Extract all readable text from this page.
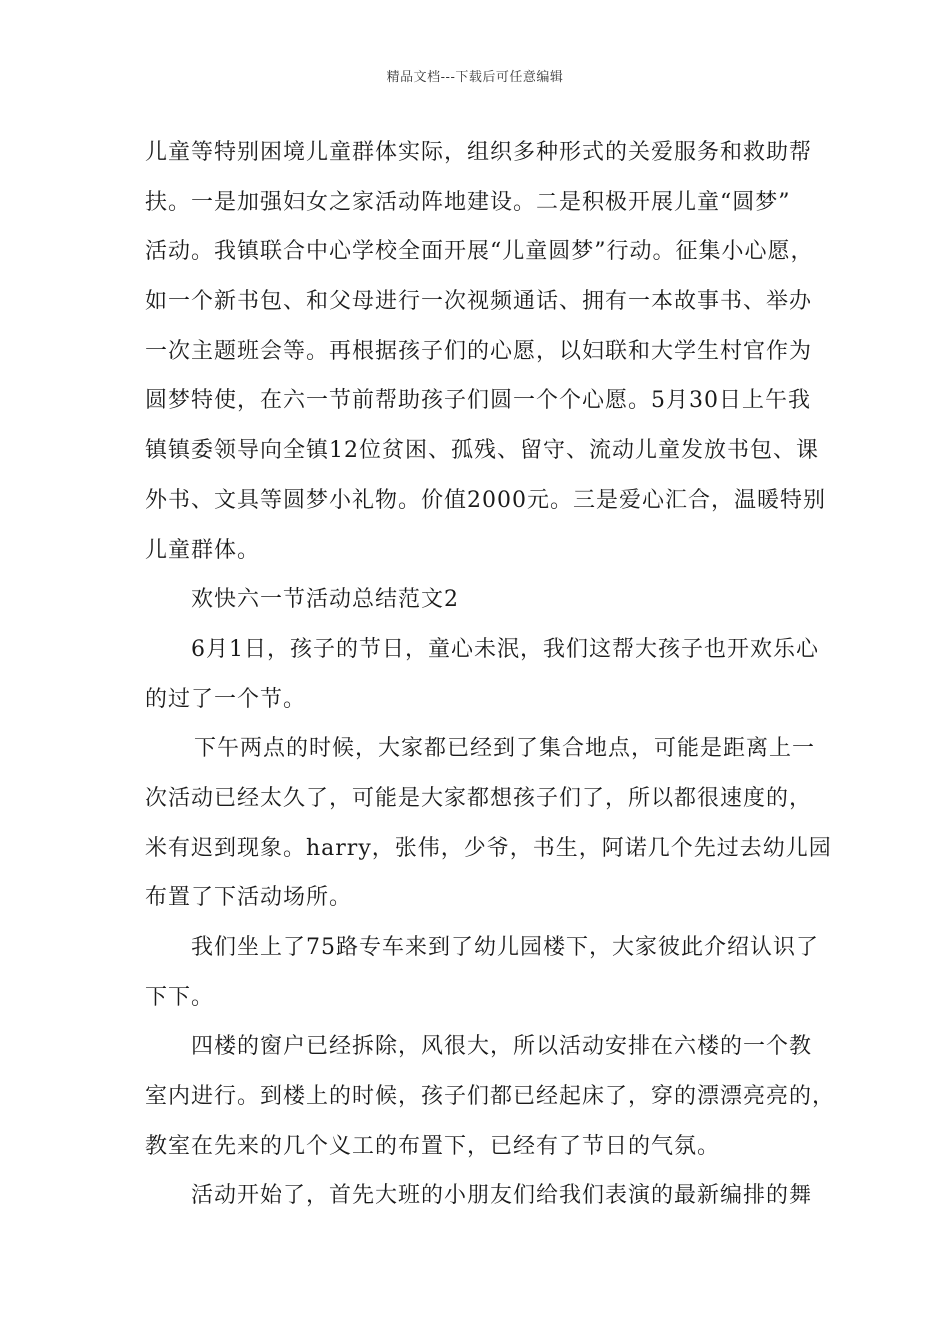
精品文档---下载后可任意编辑
儿童等特别困境儿童群体实际，组织多种形式的关爱服务和救助帮
扶。一是加强妇女之家活动阵地建设。二是积极开展儿童“圆梦”
活动。我镇联合中心学校全面开展“儿童圆梦”行动。征集小心愿，
如一个新书包、和父母进行一次视频通话、拥有一本故事书、举办
一次主题班会等。再根据孩子们的心愿，以妇联和大学生村官作为
圆梦特使，在六一节前帮助孩子们圆一个个心愿。5月30日上午我
镇镇委领导向全镇12位贫困、孤残、留守、流动儿童发放书包、课
外书、文具等圆梦小礼物。价值2000元。三是爱心汇合，温暖特别
儿童群体。
欢快六一节活动总结范文2
6月1日，孩子的节日，童心未泯，我们这帮大孩子也开欢乐心
的过了一个节。
下午两点的时候，大家都已经到了集合地点，可能是距离上一
次活动已经太久了，可能是大家都想孩子们了，所以都很速度的，
米有迟到现象。harry，张伟，少爷，书生，阿诺几个先过去幼儿园
布置了下活动场所。
我们坐上了75路专车来到了幼儿园楼下，大家彼此介绍认识了
下下。
四楼的窗户已经拆除，风很大，所以活动安排在六楼的一个教
室内进行。到楼上的时候，孩子们都已经起床了，穿的漂漂亮亮的，
教室在先来的几个义工的布置下，已经有了节日的气氛。
活动开始了，首先大班的小朋友们给我们表演的最新编排的舞
